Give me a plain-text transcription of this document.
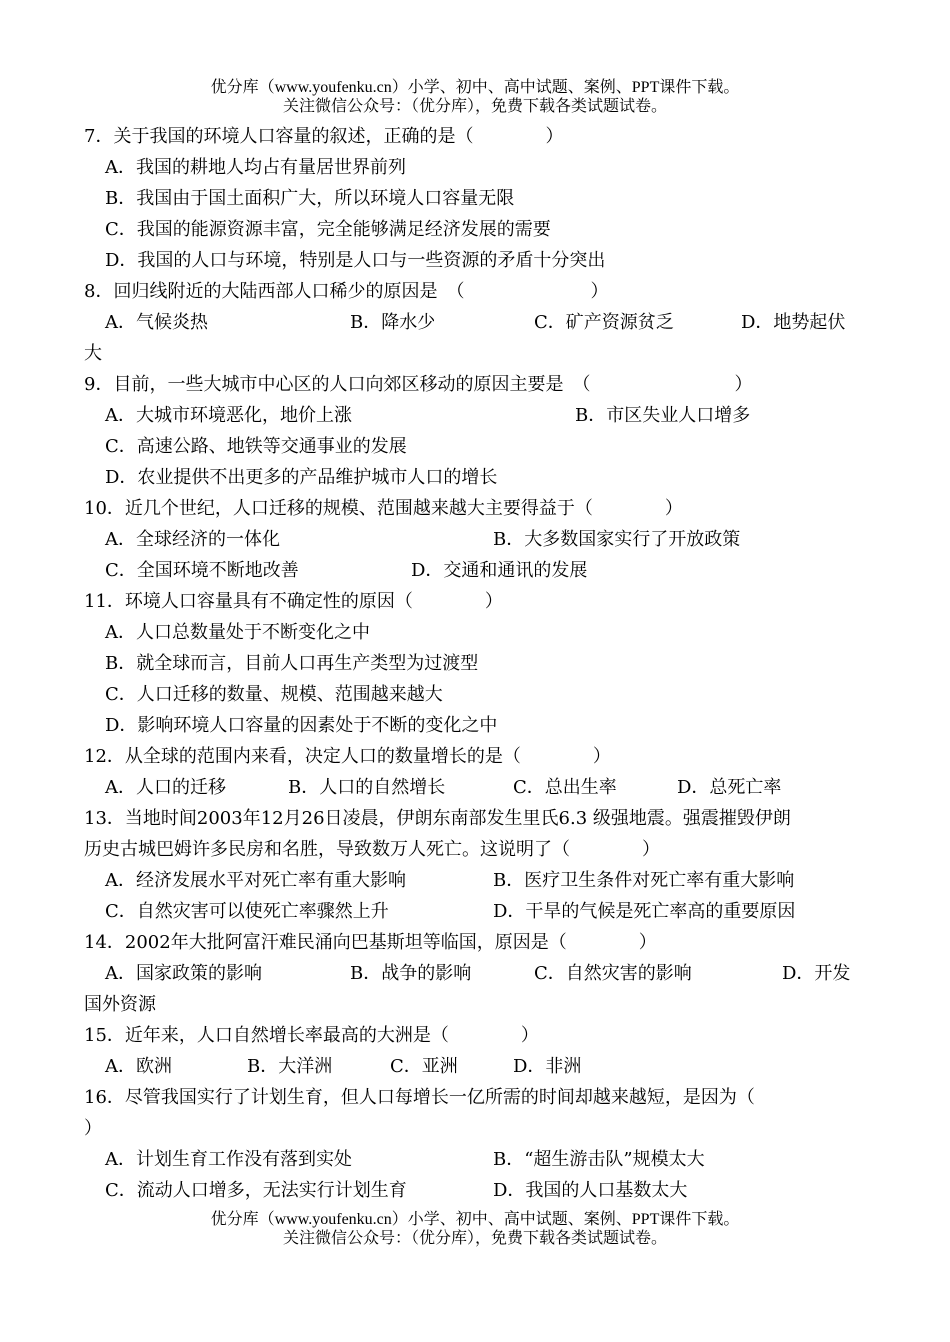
优分库（www.youfenku.cn）小学、初中、高中试题、案例、PPT课件下载。
关注微信公众号：（优分库），免费下载各类试题试卷。
7．关于我国的环境人口容量的叙述，正确的是（　　　　）
A．我国的耕地人均占有量居世界前列
B．我国由于国土面积广大，所以环境人口容量无限
C．我国的能源资源丰富，完全能够满足经济发展的需要
D．我国的人口与环境，特别是人口与一些资源的矛盾十分突出
8．回归线附近的大陆西部人口稀少的原因是　（　　　　　　　）
A．气候炎热	B．降水少	C．矿产资源贫乏	D．地势起伏
大
9．目前，一些大城市中心区的人口向郊区移动的原因主要是　（　　　　　　　　）
A．大城市环境恶化，地价上涨	B．市区失业人口增多
C．高速公路、地铁等交通事业的发展
D．农业提供不出更多的产品维护城市人口的增长
10．近几个世纪，人口迁移的规模、范围越来越大主要得益于（　　　　）
A．全球经济的一体化	B．大多数国家实行了开放政策
C．全国环境不断地改善	D．交通和通讯的发展
11．环境人口容量具有不确定性的原因（　　　　）
A．人口总数量处于不断变化之中
B．就全球而言，目前人口再生产类型为过渡型
C．人口迁移的数量、规模、范围越来越大
D．影响环境人口容量的因素处于不断的变化之中
12．从全球的范围内来看，决定人口的数量增长的是（　　　　）
A．人口的迁移	B．人口的自然增长	C．总出生率	D．总死亡率
13．当地时间2003年12月26日凌晨，伊朗东南部发生里氏6.3 级强地震。强震摧毁伊朗
历史古城巴姆许多民房和名胜，导致数万人死亡。这说明了（　　　　）
A．经济发展水平对死亡率有重大影响	B．医疗卫生条件对死亡率有重大影响
C．自然灾害可以使死亡率骤然上升	D．干旱的气候是死亡率高的重要原因
14．2002年大批阿富汗难民涌向巴基斯坦等临国，原因是（　　　　）
A．国家政策的影响	B．战争的影响	C．自然灾害的影响	D．开发
国外资源
15．近年来，人口自然增长率最高的大洲是（　　　　）
A．欧洲	B．大洋洲	C．亚洲	D．非洲
16．尽管我国实行了计划生育，但人口每增长一亿所需的时间却越来越短，是因为（
）
A．计划生育工作没有落到实处	B．“超生游击队”规模太大
C．流动人口增多，无法实行计划生育	D．我国的人口基数太大
优分库（www.youfenku.cn）小学、初中、高中试题、案例、PPT课件下载。
关注微信公众号：（优分库），免费下载各类试题试卷。
